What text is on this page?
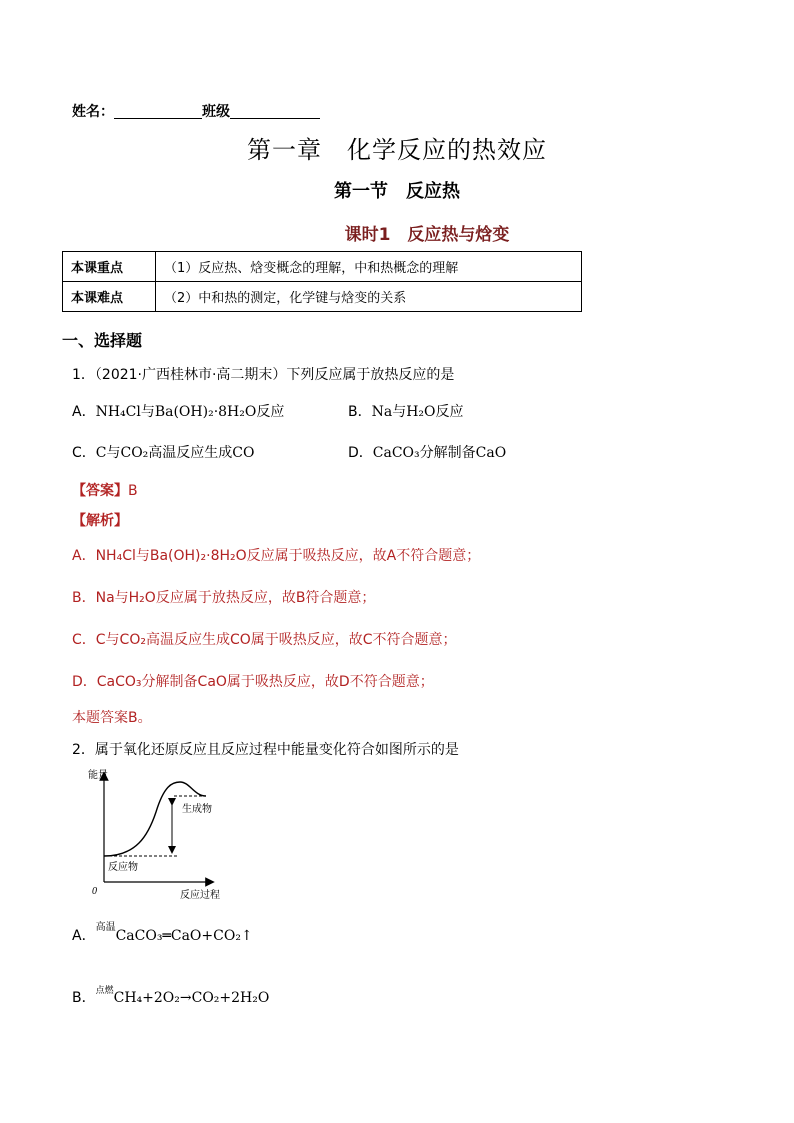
姓名：	班级
第一章　化学反应的热效应
第一节　反应热
课时1　反应热与焓变
本课重点	（1）反应热、焓变概念的理解，中和热概念的理解
本课难点	（2）中和热的测定，化学键与焓变的关系
一、选择题
1．（2021·广西桂林市·高二期末）下列反应属于放热反应的是
A．NH₄Cl与Ba(OH)₂·8H₂O反应	B．Na与H₂O反应
C．C与CO₂高温反应生成CO	D．CaCO₃分解制备CaO
【答案】B
【解析】
A．NH₄Cl与Ba(OH)₂·8H₂O反应属于吸热反应，故A不符合题意；
B．Na与H₂O反应属于放热反应，故B符合题意；
C．C与CO₂高温反应生成CO属于吸热反应，故C不符合题意；
D．CaCO₃分解制备CaO属于吸热反应，故D不符合题意；
本题答案B。
2．属于氧化还原反应且反应过程中能量变化符合如图所示的是
能量
反应过程
0
生成物
反应物
A．$^{高温}$CaCO₃═CaO+CO₂↑
B．$^{点燃}$CH₄+2O₂→CO₂+2H₂O
